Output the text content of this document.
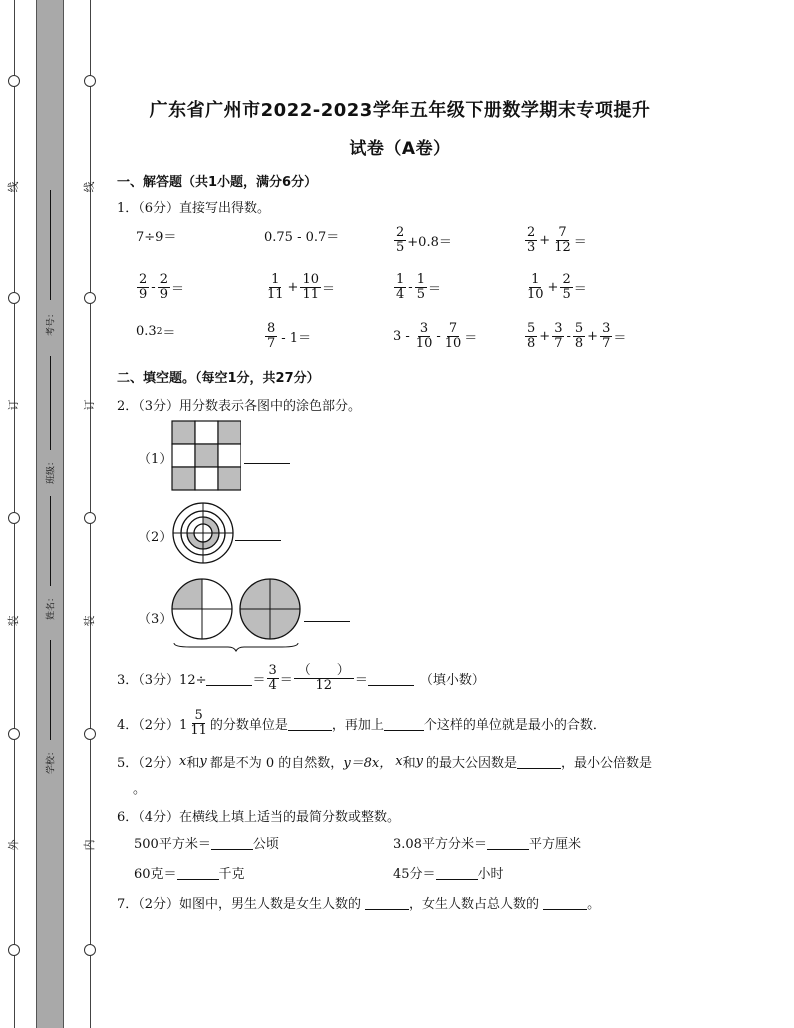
线
订
装
外
线
订
装
内
考号：
班级：
姓名：
学校：
广东省广州市2022-2023学年五年级下册数学期末专项提升
试卷（A卷）
一、解答题（共1小题，满分6分）
1．（6分）直接写出得数。
7÷9＝	0.75 - 0.7＝	$\frac{2}{5} +0.8=$	$\frac{2}{3} + \frac{7}{12}$ ＝
$\frac{2}{9} - \frac{2}{9}$ ＝	$\frac{1}{11} + \frac{10}{11}$ ＝	$\frac{1}{4} - \frac{1}{5}$ ＝	$\frac{1}{10} + \frac{2}{5}$ ＝
0.3 2 ＝	$\frac{8}{7} - 1=$	$3 - \frac{3}{10} - \frac{7}{10}$ ＝	$\frac{5}{8} + \frac{3}{7} - \frac{5}{8} + \frac{3}{7}$ ＝
二、填空题。（每空1分，共27分）
2．（3分）用分数表示各图中的涂色部分。
（1）
（2）
（3）
3．（3分）12÷	＝ $\frac{3}{4} = \frac{( )}{12}$ ＝	（填小数）
4．（2分）$1 \frac{5}{11}$ 的分数单位是	，再加上	个这样的单位就是最小的合数．
5．（2分） x 和 y 都是不为 0 的自然数， y＝8x， x 和 y 的最大公因数是	，最小公倍数是
。
6．（4分）在横线上填上适当的最简分数或整数。
500平方米＝	公顷	3.08平方分米＝	平方厘米
60克＝	千克	45分＝	小时
7．（2分）如图中，男生人数是女生人数的	，女生人数占总人数的	。
